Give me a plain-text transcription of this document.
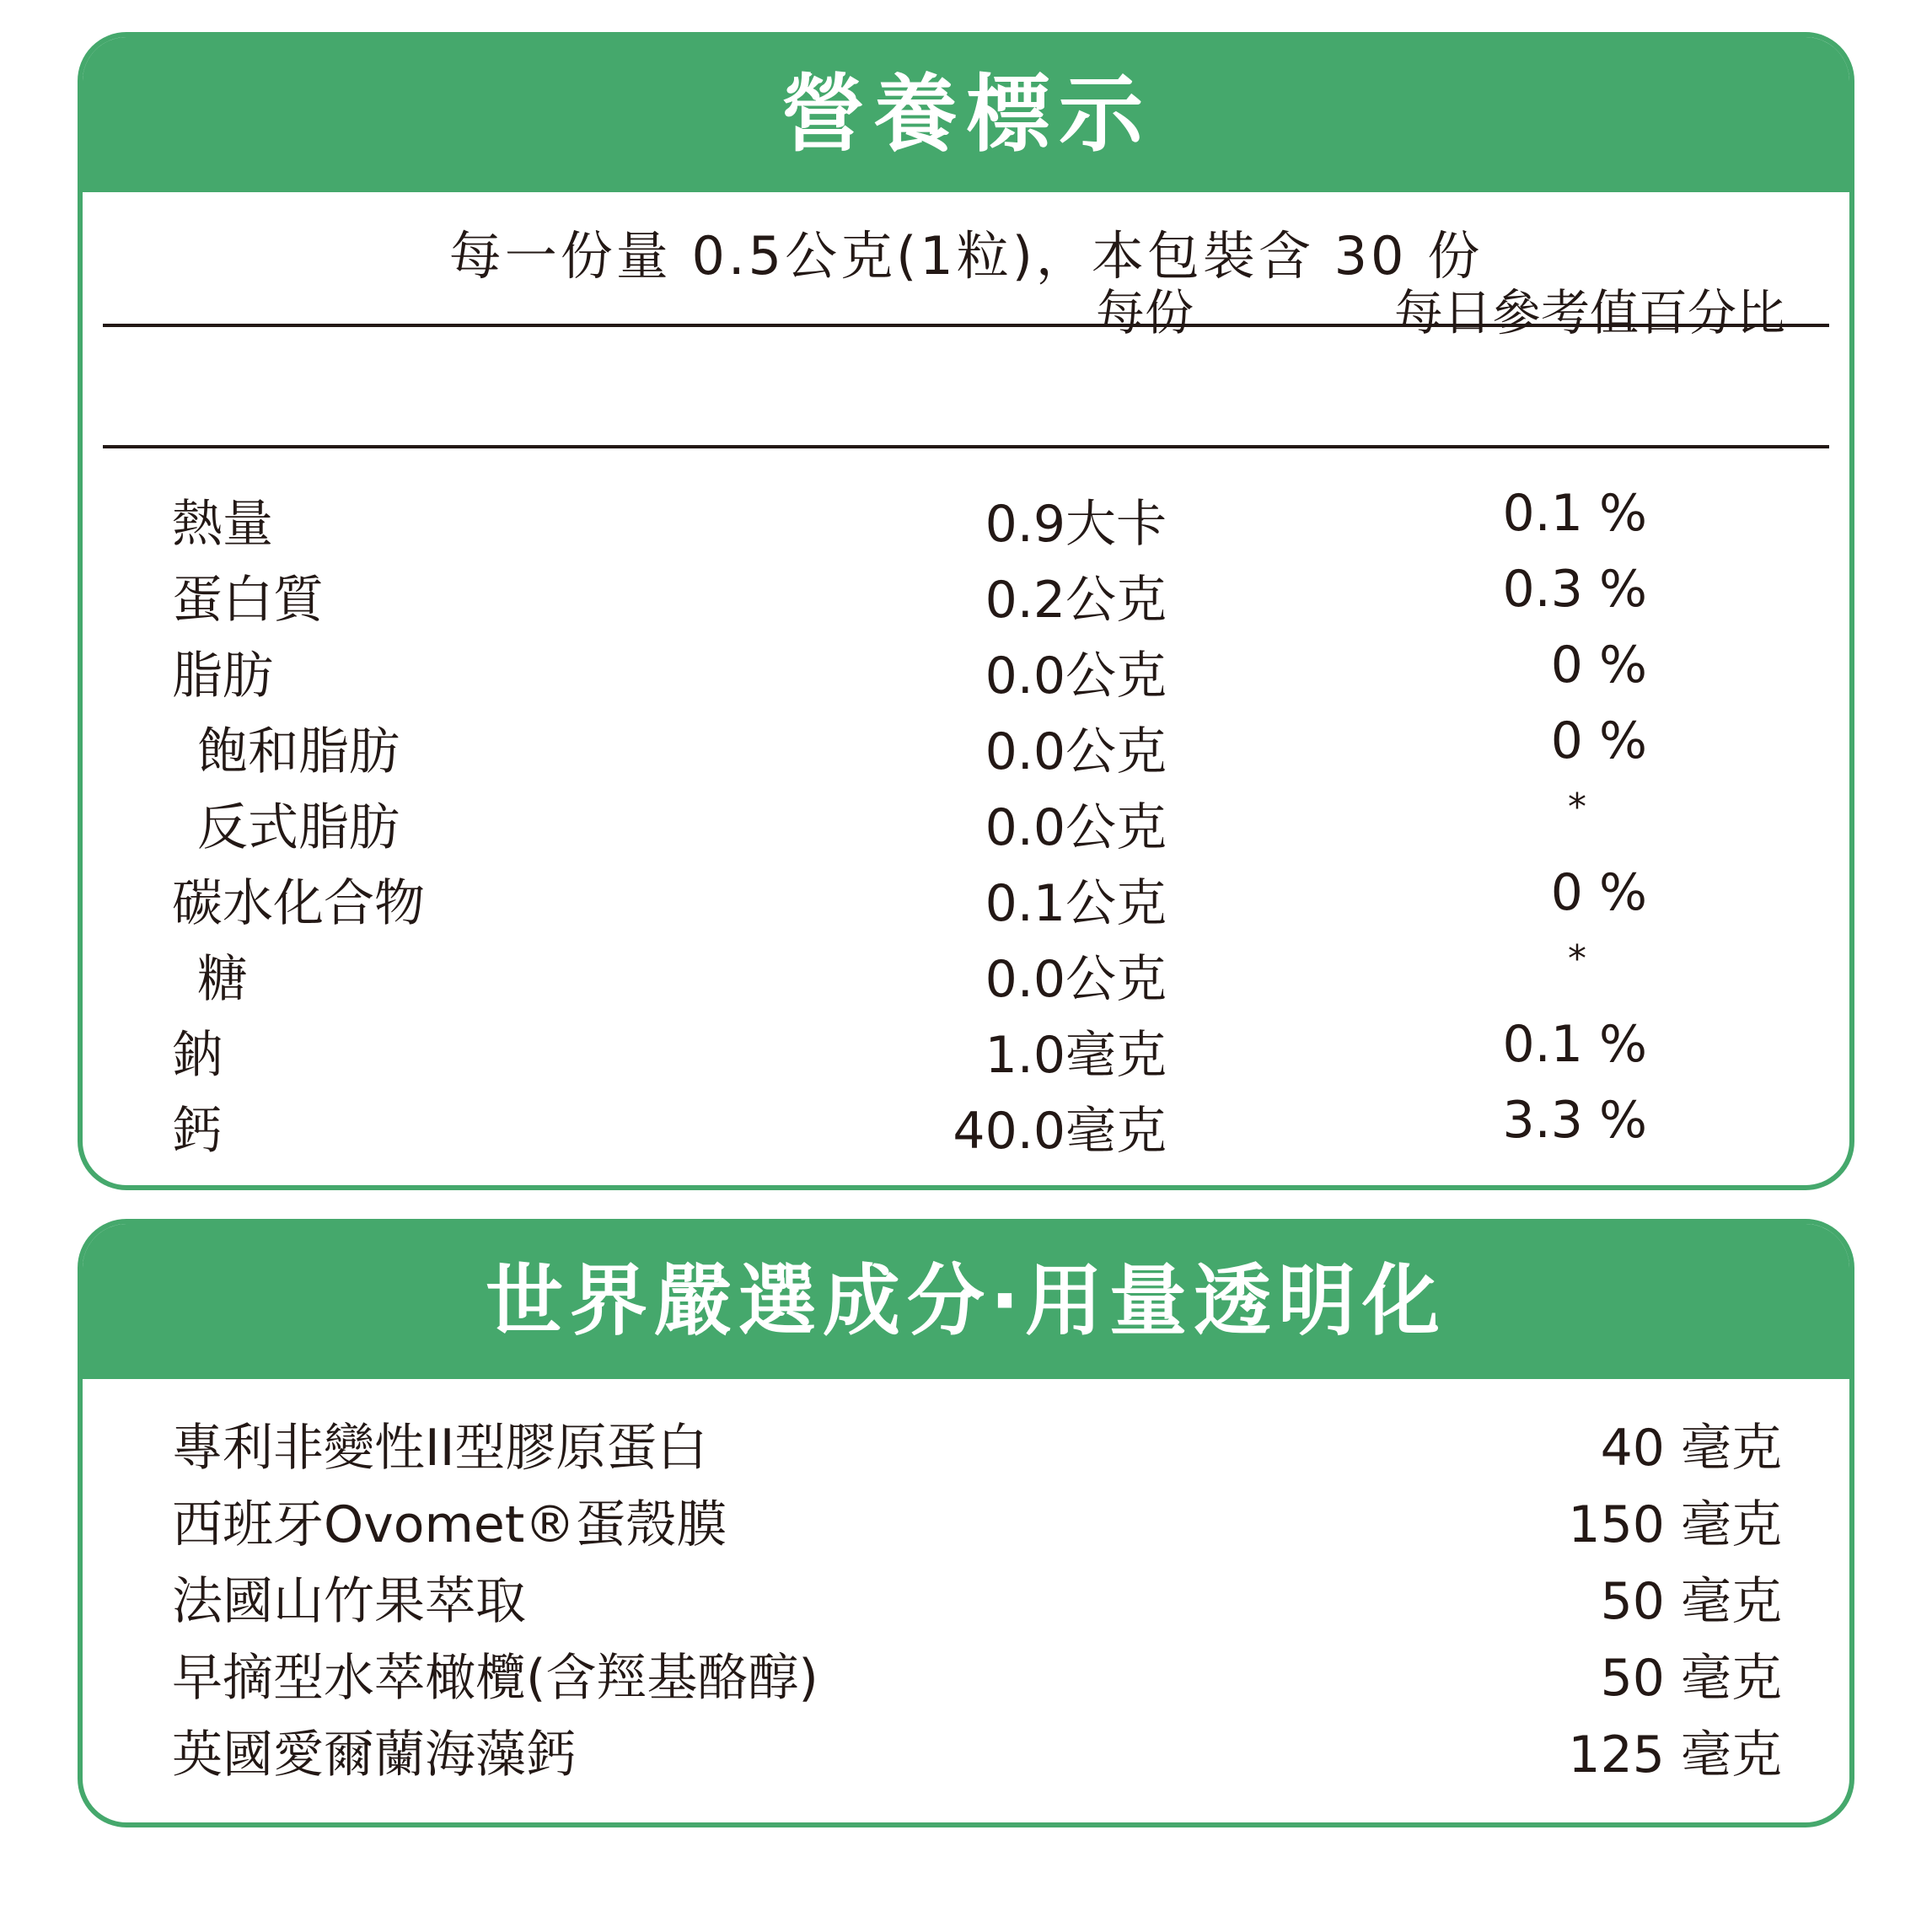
營養標示
每一份量 0.5公克(1粒)，本包裝含 30 份
每份	每日參考值百分比
熱量	0.9大卡	0.1 %
蛋白質	0.2公克	0.3 %
脂肪	0.0公克	0 %
飽和脂肪	0.0公克	0 %
反式脂肪	0.0公克	*
碳水化合物	0.1公克	0 %
糖	0.0公克	*
鈉	1.0毫克	0.1 %
鈣	40.0毫克	3.3 %
世界嚴選成分‧用量透明化
專利非變性II型膠原蛋白	40 毫克
西班牙Ovomet®蛋殼膜	150 毫克
法國山竹果萃取	50 毫克
早摘型水萃橄欖(含羥基酪醇)	50 毫克
英國愛爾蘭海藻鈣	125 毫克
